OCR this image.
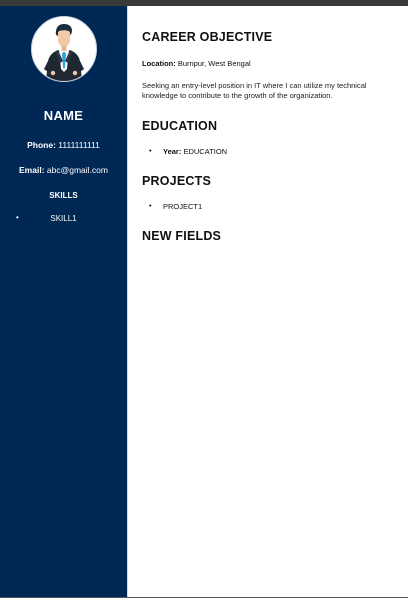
NAME
Phone: 1111111111
Email: abc@gmail.com
SKILLS
•	SKILL1
CAREER OBJECTIVE
Location: Burnpur, West Bengal
Seeking an entry-level position in IT where I can utilize my technical knowledge to contribute to the growth of the organization.
EDUCATION
• Year: EDUCATION
PROJECTS
• PROJECT1
NEW FIELDS
